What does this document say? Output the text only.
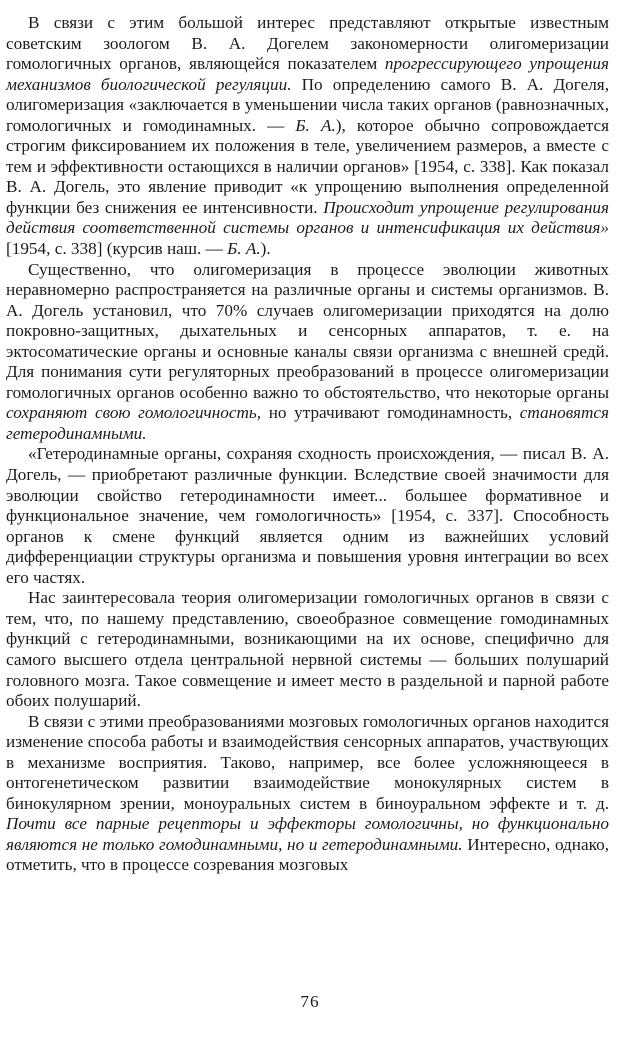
В связи с этим большой интерес представляют открытые известным советским зоологом В. А. Догелем закономерности олигомеризации гомологичных органов, являющейся показателем прогрессирующего упрощения механизмов биологической регуляции. По определению самого В. А. Догеля, олигомеризация «заключается в уменьшении числа таких органов (равнозначных, гомологичных и гомодинамных. — Б. А.), которое обычно сопровождается строгим фиксированием их положения в теле, увеличением размеров, а вместе с тем и эффективности остающихся в наличии органов» [1954, с. 338]. Как показал В. А. Догель, это явление приводит «к упрощению выполнения определенной функции без снижения ее интенсивности. Происходит упрощение регулирования действия соответственной системы органов и интенсификация их действия» [1954, с. 338] (курсив наш. — Б. А.).

Существенно, что олигомеризация в процессе эволюции животных неравномерно распространяется на различные органы и системы организмов. В. А. Догель установил, что 70% случаев олигомеризации приходятся на долю покровно-защитных, дыхательных и сенсорных аппаратов, т. е. на эктосоматические органы и основные каналы связи организма с внешней средй. Для понимания сути регуляторных преобразований в процессе олигомеризации гомологичных органов особенно важно то обстоятельство, что некоторые органы сохраняют свою гомологичность, но утрачивают гомодинамность, становятся гетеродинамными.

«Гетеродинамные органы, сохраняя сходность происхождения, — писал В. А. Догель, — приобретают различные функции. Вследствие своей значимости для эволюции свойство гетеродинамности имеет... большее формативное и функциональное значение, чем гомологичность» [1954, с. 337]. Способность органов к смене функций является одним из важнейших условий дифференциации структуры организма и повышения уровня интеграции во всех его частях.

Нас заинтересовала теория олигомеризации гомологичных органов в связи с тем, что, по нашему представлению, своеобразное совмещение гомодинамных функций с гетеродинамными, возникающими на их основе, специфично для самого высшего отдела центральной нервной системы — больших полушарий головного мозга. Такое совмещение и имеет место в раздельной и парной работе обоих полушарий.

В связи с этими преобразованиями мозговых гомологичных органов находится изменение способа работы и взаимодействия сенсорных аппаратов, участвующих в механизме восприятия. Таково, например, все более усложняющееся в онтогенетическом развитии взаимодействие монокулярных систем в бинокулярном зрении, моноуральных систем в биноуральном эффекте и т. д. Почти все парные рецепторы и эффекторы гомологичны, но функционально являются не только гомодинамными, но и гетеродинамными. Интересно, однако, отметить, что в процессе созревания мозговых

76
